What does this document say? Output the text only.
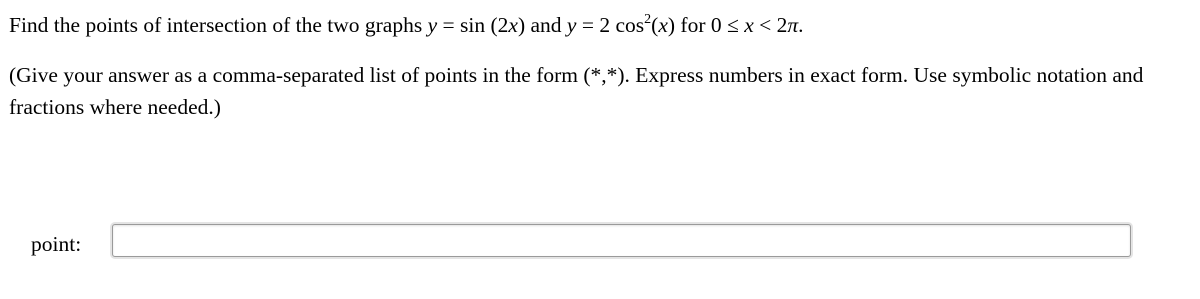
Find the points of intersection of the two graphs y = sin (2x) and y = 2 $\cos^2(x)$ for 0 ≤ x < 2π.
(Give your answer as a comma-separated list of points in the form (*,*). Express numbers in exact form. Use symbolic notation and fractions where needed.)
point:
